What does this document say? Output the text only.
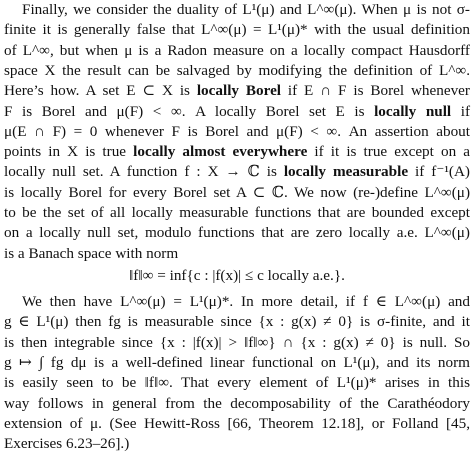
Finally, we consider the duality of L¹(μ) and L^∞(μ). When μ is not σ-
finite it is generally false that L^∞(μ) = L¹(μ)* with the usual definition
of L^∞, but when μ is a Radon measure on a locally compact Hausdorff
space X the result can be salvaged by modifying the definition of L^∞.
Here’s how. A set E ⊂ X is locally Borel if E ∩ F is Borel whenever
F is Borel and μ(F) < ∞. A locally Borel set E is locally null if
μ(E ∩ F) = 0 whenever F is Borel and μ(F) < ∞. An assertion about
points in X is true locally almost everywhere if it is true except on a
locally null set. A function f : X → ℂ is locally measurable if f⁻¹(A)
is locally Borel for every Borel set A ⊂ ℂ. We now (re-)define L^∞(μ)
to be the set of all locally measurable functions that are bounded except
on a locally null set, modulo functions that are zero locally a.e. L^∞(μ)
is a Banach space with norm
‖f‖∞ = inf{c : |f(x)| ≤ c locally a.e.}.
We then have L^∞(μ) = L¹(μ)*. In more detail, if f ∈ L^∞(μ) and
g ∈ L¹(μ) then fg is measurable since {x : g(x) ≠ 0} is σ-finite, and it
is then integrable since {x : |f(x)| > ‖f‖∞} ∩ {x : g(x) ≠ 0} is null. So
g ↦ ∫ fg dμ is a well-defined linear functional on L¹(μ), and its norm
is easily seen to be ‖f‖∞. That every element of L¹(μ)* arises in this
way follows in general from the decomposability of the Carathéodory
extension of μ. (See Hewitt-Ross [66, Theorem 12.18], or Folland [45,
Exercises 6.23–26].)
